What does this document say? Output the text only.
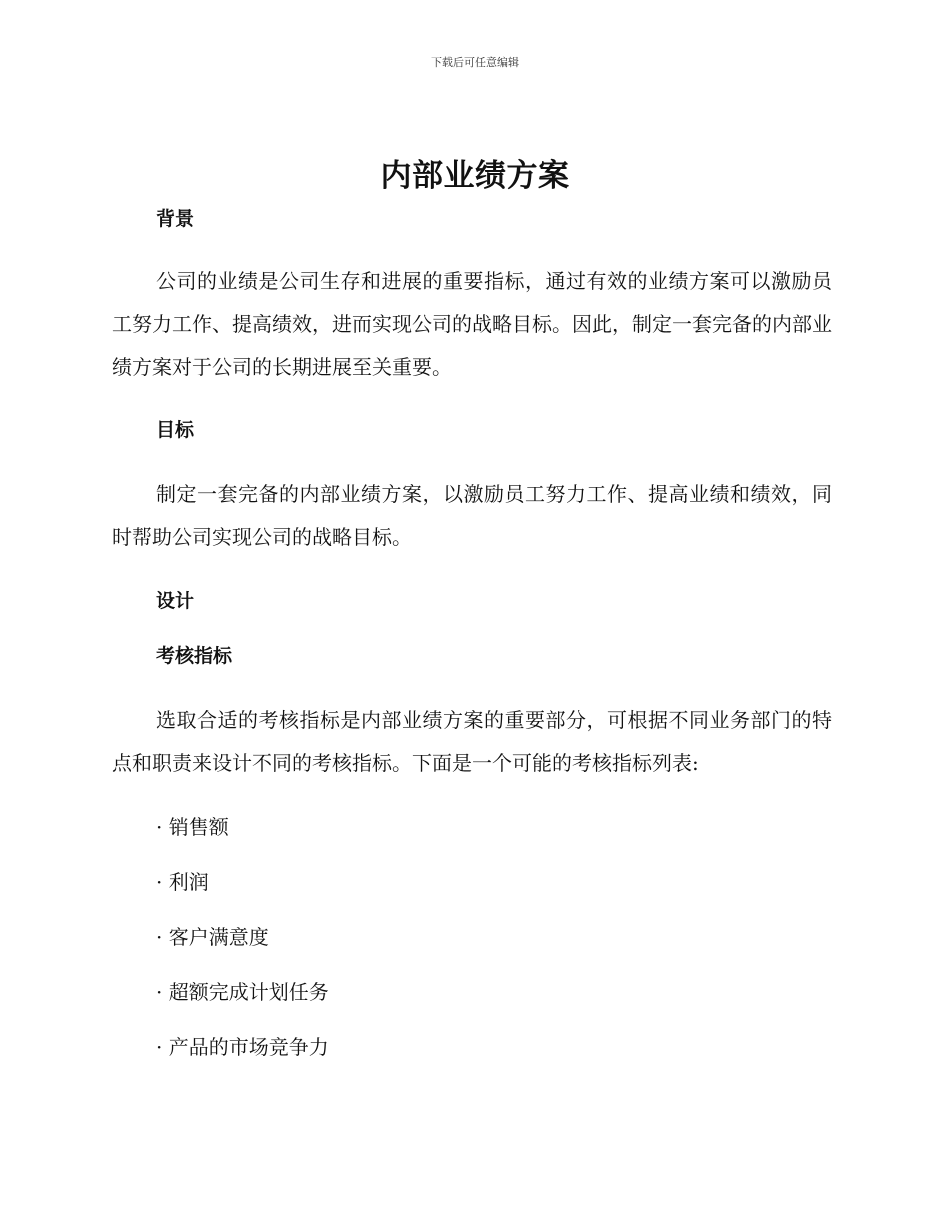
下载后可任意编辑
内部业绩方案
背景

公司的业绩是公司生存和进展的重要指标，通过有效的业绩方案可以激励员工努力工作、提高绩效，进而实现公司的战略目标。因此，制定一套完备的内部业绩方案对于公司的长期进展至关重要。

目标

制定一套完备的内部业绩方案，以激励员工努力工作、提高业绩和绩效，同时帮助公司实现公司的战略目标。

设计
考核指标

选取合适的考核指标是内部业绩方案的重要部分，可根据不同业务部门的特点和职责来设计不同的考核指标。下面是一个可能的考核指标列表:

· 销售额
· 利润
· 客户满意度
· 超额完成计划任务
· 产品的市场竞争力
